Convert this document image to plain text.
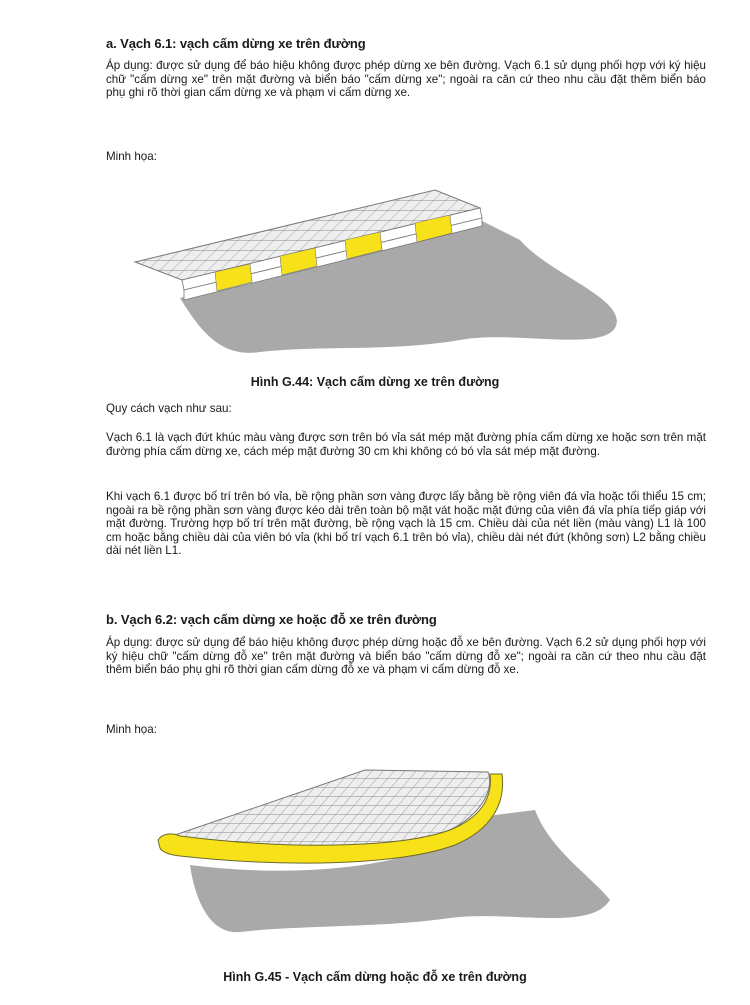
a. Vạch 6.1: vạch cấm dừng xe trên đường
Áp dụng: được sử dụng để báo hiệu không được phép dừng xe bên đường. Vạch 6.1 sử dụng phối hợp với ký hiệu chữ "cấm dừng xe" trên mặt đường và biển báo "cấm dừng xe"; ngoài ra căn cứ theo nhu cầu đặt thêm biển báo phụ ghi rõ thời gian cấm dừng xe và phạm vi cấm dừng xe.
Minh họa:
Hình G.44: Vạch cấm dừng xe trên đường
Quy cách vạch như sau:
Vạch 6.1 là vạch đứt khúc màu vàng được sơn trên bó vỉa sát mép mặt đường phía cấm dừng xe hoặc sơn trên mặt đường phía cấm dừng xe, cách mép mặt đường 30 cm khi không có bó vỉa sát mép mặt đường.
Khi vạch 6.1 được bố trí trên bó vỉa, bề rộng phần sơn vàng được lấy bằng bề rộng viên đá vỉa hoặc tối thiểu 15 cm; ngoài ra bề rộng phần sơn vàng được kéo dài trên toàn bộ mặt vát hoặc mặt đứng của viên đá vỉa phía tiếp giáp với mặt đường. Trường hợp bố trí trên mặt đường, bề rộng vạch là 15 cm. Chiều dài của nét liền (màu vàng) L1 là 100 cm hoặc bằng chiều dài của viên bó vỉa (khi bố trí vạch 6.1 trên bó vỉa), chiều dài nét đứt (không sơn) L2 bằng chiều dài nét liền L1.
b. Vạch 6.2: vạch cấm dừng xe hoặc đỗ xe trên đường
Áp dụng: được sử dụng để báo hiệu không được phép dừng hoặc đỗ xe bên đường. Vạch 6.2 sử dụng phối hợp với ký hiệu chữ "cấm dừng đỗ xe" trên mặt đường và biển báo "cấm dừng đỗ xe"; ngoài ra căn cứ theo nhu cầu đặt thêm biển báo phụ ghi rõ thời gian cấm dừng đỗ xe và phạm vi cấm dừng đỗ xe.
Minh họa:
Hình G.45 - Vạch cấm dừng hoặc đỗ xe trên đường
